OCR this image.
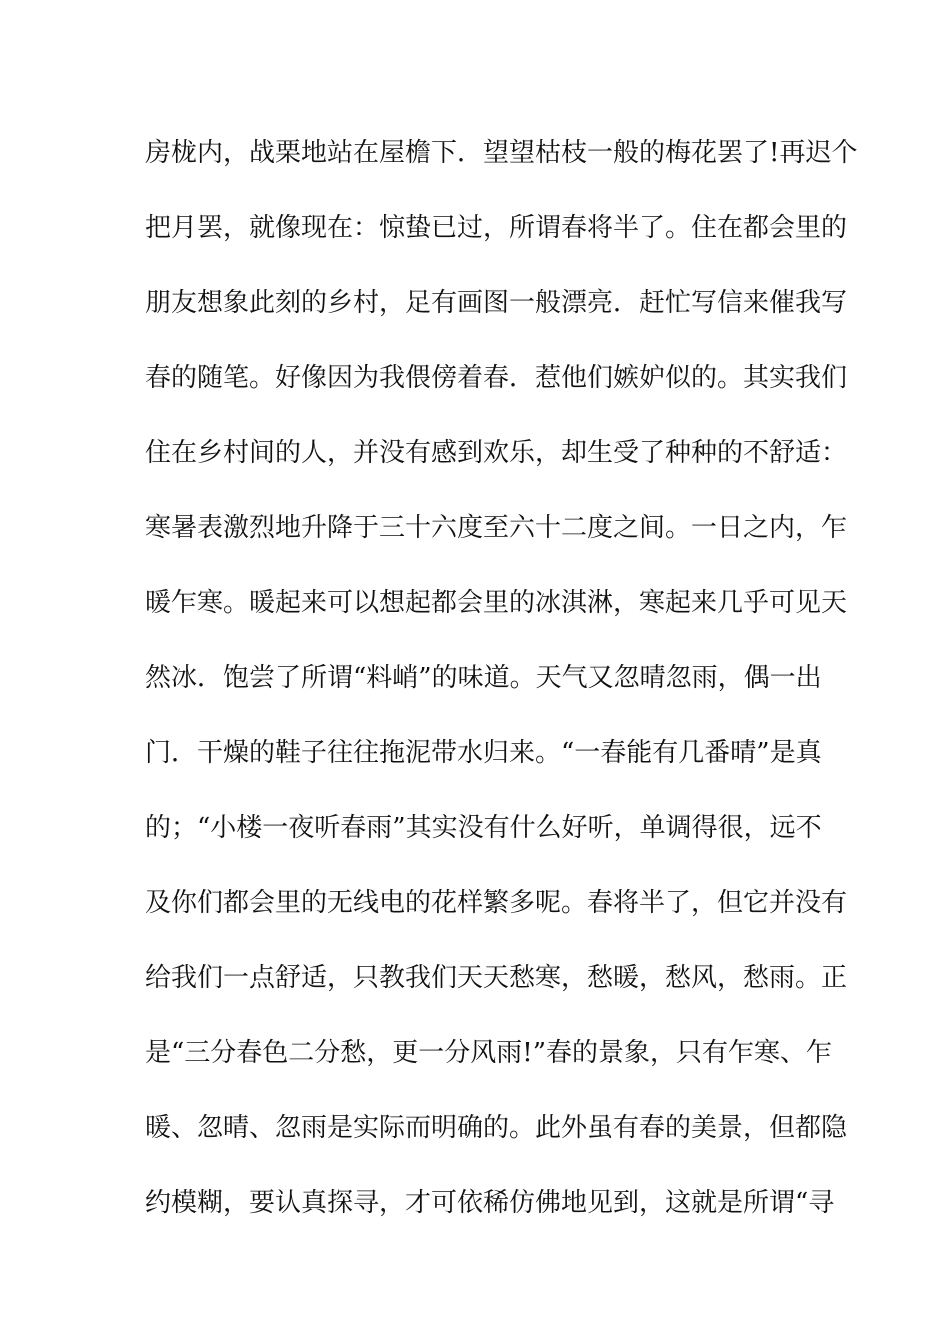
房栊内，战栗地站在屋檐下．望望枯枝一般的梅花罢了!再迟个
把月罢，就像现在：惊蛰已过，所谓春将半了。住在都会里的
朋友想象此刻的乡村，足有画图一般漂亮．赶忙写信来催我写
春的随笔。好像因为我偎傍着春．惹他们嫉妒似的。其实我们
住在乡村间的人，并没有感到欢乐，却生受了种种的不舒适：
寒暑表激烈地升降于三十六度至六十二度之间。一日之内，乍
暖乍寒。暖起来可以想起都会里的冰淇淋，寒起来几乎可见天
然冰．饱尝了所谓“料峭”的味道。天气又忽晴忽雨，偶一出
门．干燥的鞋子往往拖泥带水归来。“一春能有几番晴”是真
的；“小楼一夜听春雨”其实没有什么好听，单调得很，远不
及你们都会里的无线电的花样繁多呢。春将半了，但它并没有
给我们一点舒适，只教我们天天愁寒，愁暖，愁风，愁雨。正
是“三分春色二分愁，更一分风雨!”春的景象，只有乍寒、乍
暖、忽晴、忽雨是实际而明确的。此外虽有春的美景，但都隐
约模糊，要认真探寻，才可依稀仿佛地见到，这就是所谓“寻
